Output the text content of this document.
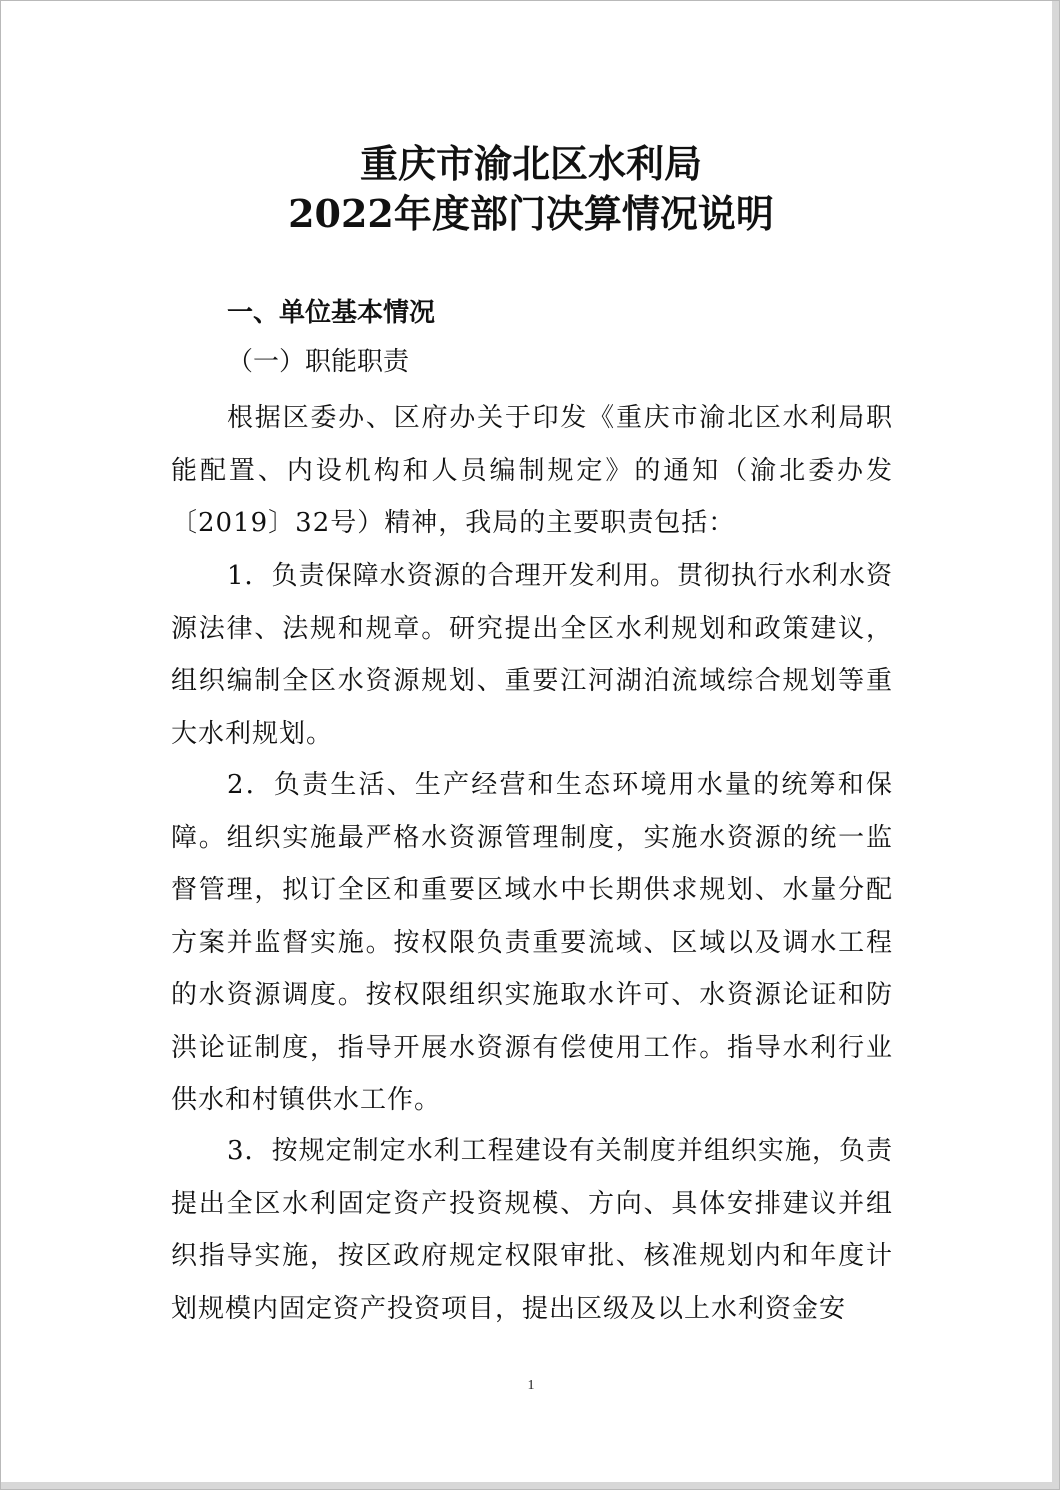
重庆市渝北区水利局
2022年度部门决算情况说明
一、单位基本情况
（一）职能职责

根据区委办、区府办关于印发《重庆市渝北区水利局职能配置、内设机构和人员编制规定》的通知（渝北委办发〔2019〕32号）精神，我局的主要职责包括：

1．负责保障水资源的合理开发利用。贯彻执行水利水资源法律、法规和规章。研究提出全区水利规划和政策建议，组织编制全区水资源规划、重要江河湖泊流域综合规划等重大水利规划。

2．负责生活、生产经营和生态环境用水量的统筹和保障。组织实施最严格水资源管理制度，实施水资源的统一监督管理，拟订全区和重要区域水中长期供求规划、水量分配方案并监督实施。按权限负责重要流域、区域以及调水工程的水资源调度。按权限组织实施取水许可、水资源论证和防洪论证制度，指导开展水资源有偿使用工作。指导水利行业供水和村镇供水工作。

3．按规定制定水利工程建设有关制度并组织实施，负责提出全区水利固定资产投资规模、方向、具体安排建议并组织指导实施，按区政府规定权限审批、核准规划内和年度计划规模内固定资产投资项目，提出区级及以上水利资金安

1
